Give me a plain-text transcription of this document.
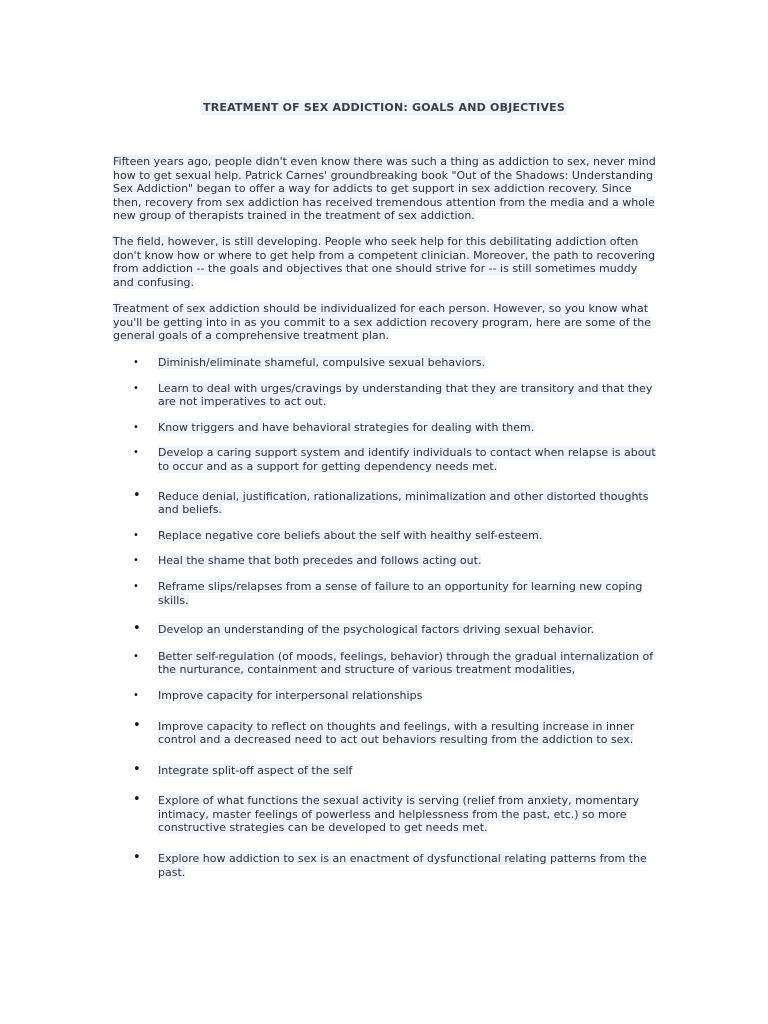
TREATMENT OF SEX ADDICTION: GOALS AND OBJECTIVES
Fifteen years ago, people didn't even know there was such a thing as addiction to sex, never mind how to get sexual help. Patrick Carnes' groundbreaking book "Out of the Shadows: Understanding Sex Addiction" began to offer a way for addicts to get support in sex addiction recovery. Since then, recovery from sex addiction has received tremendous attention from the media and a whole new group of therapists trained in the treatment of sex addiction.
The field, however, is still developing. People who seek help for this debilitating addiction often don't know how or where to get help from a competent clinician. Moreover, the path to recovering from addiction -- the goals and objectives that one should strive for -- is still sometimes muddy and confusing.
Treatment of sex addiction should be individualized for each person. However, so you know what you'll be getting into in as you commit to a sex addiction recovery program, here are some of the general goals of a comprehensive treatment plan.
• Diminish/eliminate shameful, compulsive sexual behaviors.
• Learn to deal with urges/cravings by understanding that they are transitory and that they are not imperatives to act out.
• Know triggers and have behavioral strategies for dealing with them.
• Develop a caring support system and identify individuals to contact when relapse is about to occur and as a support for getting dependency needs met.
• Reduce denial, justification, rationalizations, minimalization and other distorted thoughts and beliefs.
• Replace negative core beliefs about the self with healthy self-esteem.
• Heal the shame that both precedes and follows acting out.
• Reframe slips/relapses from a sense of failure to an opportunity for learning new coping skills.
• Develop an understanding of the psychological factors driving sexual behavior.
• Better self-regulation (of moods, feelings, behavior) through the gradual internalization of the nurturance, containment and structure of various treatment modalities,
• Improve capacity for interpersonal relationships
• Improve capacity to reflect on thoughts and feelings, with a resulting increase in inner control and a decreased need to act out behaviors resulting from the addiction to sex.
• Integrate split-off aspect of the self
• Explore of what functions the sexual activity is serving (relief from anxiety, momentary intimacy, master feelings of powerless and helplessness from the past, etc.) so more constructive strategies can be developed to get needs met.
• Explore how addiction to sex is an enactment of dysfunctional relating patterns from the past.
